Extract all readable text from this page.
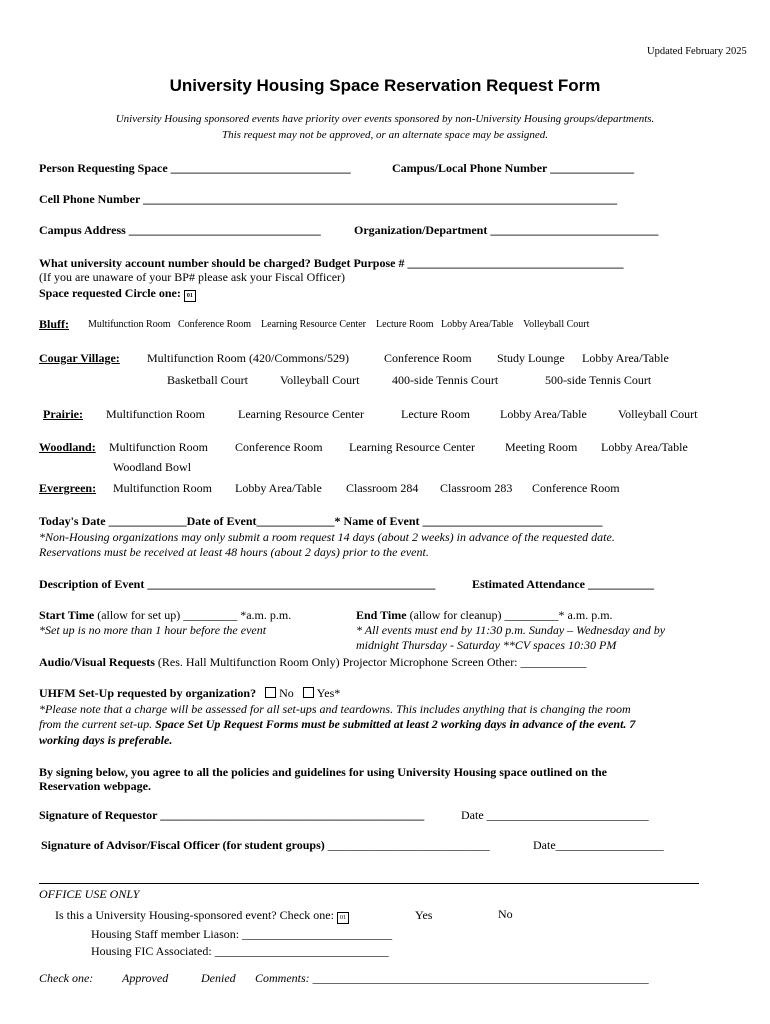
Updated February 2025
University Housing Space Reservation Request Form
University Housing sponsored events have priority over events sponsored by non-University Housing groups/departments.
This request may not be approved, or an alternate space may be assigned.
Person Requesting Space ______________________________	Campus/Local Phone Number ______________
Cell Phone Number _______________________________________________________________________________
Campus Address ________________________________	Organization/Department ____________________________
What university account number should be charged? Budget Purpose # ____________________________________
(If you are unaware of your BP# please ask your Fiscal Officer)
Space requested Circle one: 01
Bluff: Multifunction Room Conference Room Learning Resource Center Lecture Room Lobby Area/Table Volleyball Court
Cougar Village: Multifunction Room (420/Commons/529)	Conference Room Study Lounge Lobby Area/Table
Basketball Court	Volleyball Court	400-side Tennis Court	500-side Tennis Court
Prairie: Multifunction Room	Learning Resource Center	Lecture Room	Lobby Area/Table	Volleyball Court
Woodland: Multifunction Room Conference Room Learning Resource Center	Meeting Room Lobby Area/Table
Woodland Bowl
Evergreen: Multifunction Room Lobby Area/Table Classroom 284 Classroom 283 Conference Room
Today's Date _____________Date of Event_____________* Name of Event ______________________________
*Non-Housing organizations may only submit a room request 14 days (about 2 weeks) in advance of the requested date.
Reservations must be received at least 48 hours (about 2 days) prior to the event.
Description of Event ________________________________________________	Estimated Attendance ___________
Start Time (allow for set up) _________ *a.m. p.m.
*Set up is no more than 1 hour before the event
End Time (allow for cleanup) _________* a.m. p.m.
* All events must end by 11:30 p.m. Sunday – Wednesday and by
midnight Thursday - Saturday **CV spaces 10:30 PM
Audio/Visual Requests (Res. Hall Multifunction Room Only) Projector Microphone Screen Other: ___________
UHFM Set-Up requested by organization? No Yes*
*Please note that a charge will be assessed for all set-ups and teardowns. This includes anything that is changing the room
from the current set-up. Space Set Up Request Forms must be submitted at least 2 working days in advance of the event. 7
working days is preferable.
By signing below, you agree to all the policies and guidelines for using University Housing space outlined on the
Reservation webpage.
Signature of Requestor ____________________________________________	Date ___________________________
Signature of Advisor/Fiscal Officer (for student groups) ___________________________	Date__________________
OFFICE USE ONLY
Is this a University Housing-sponsored event? Check one: 01	Yes	No
Housing Staff member Liason: _________________________
Housing FIC Associated: _____________________________
Check one: Approved	Denied Comments: ________________________________________________________
